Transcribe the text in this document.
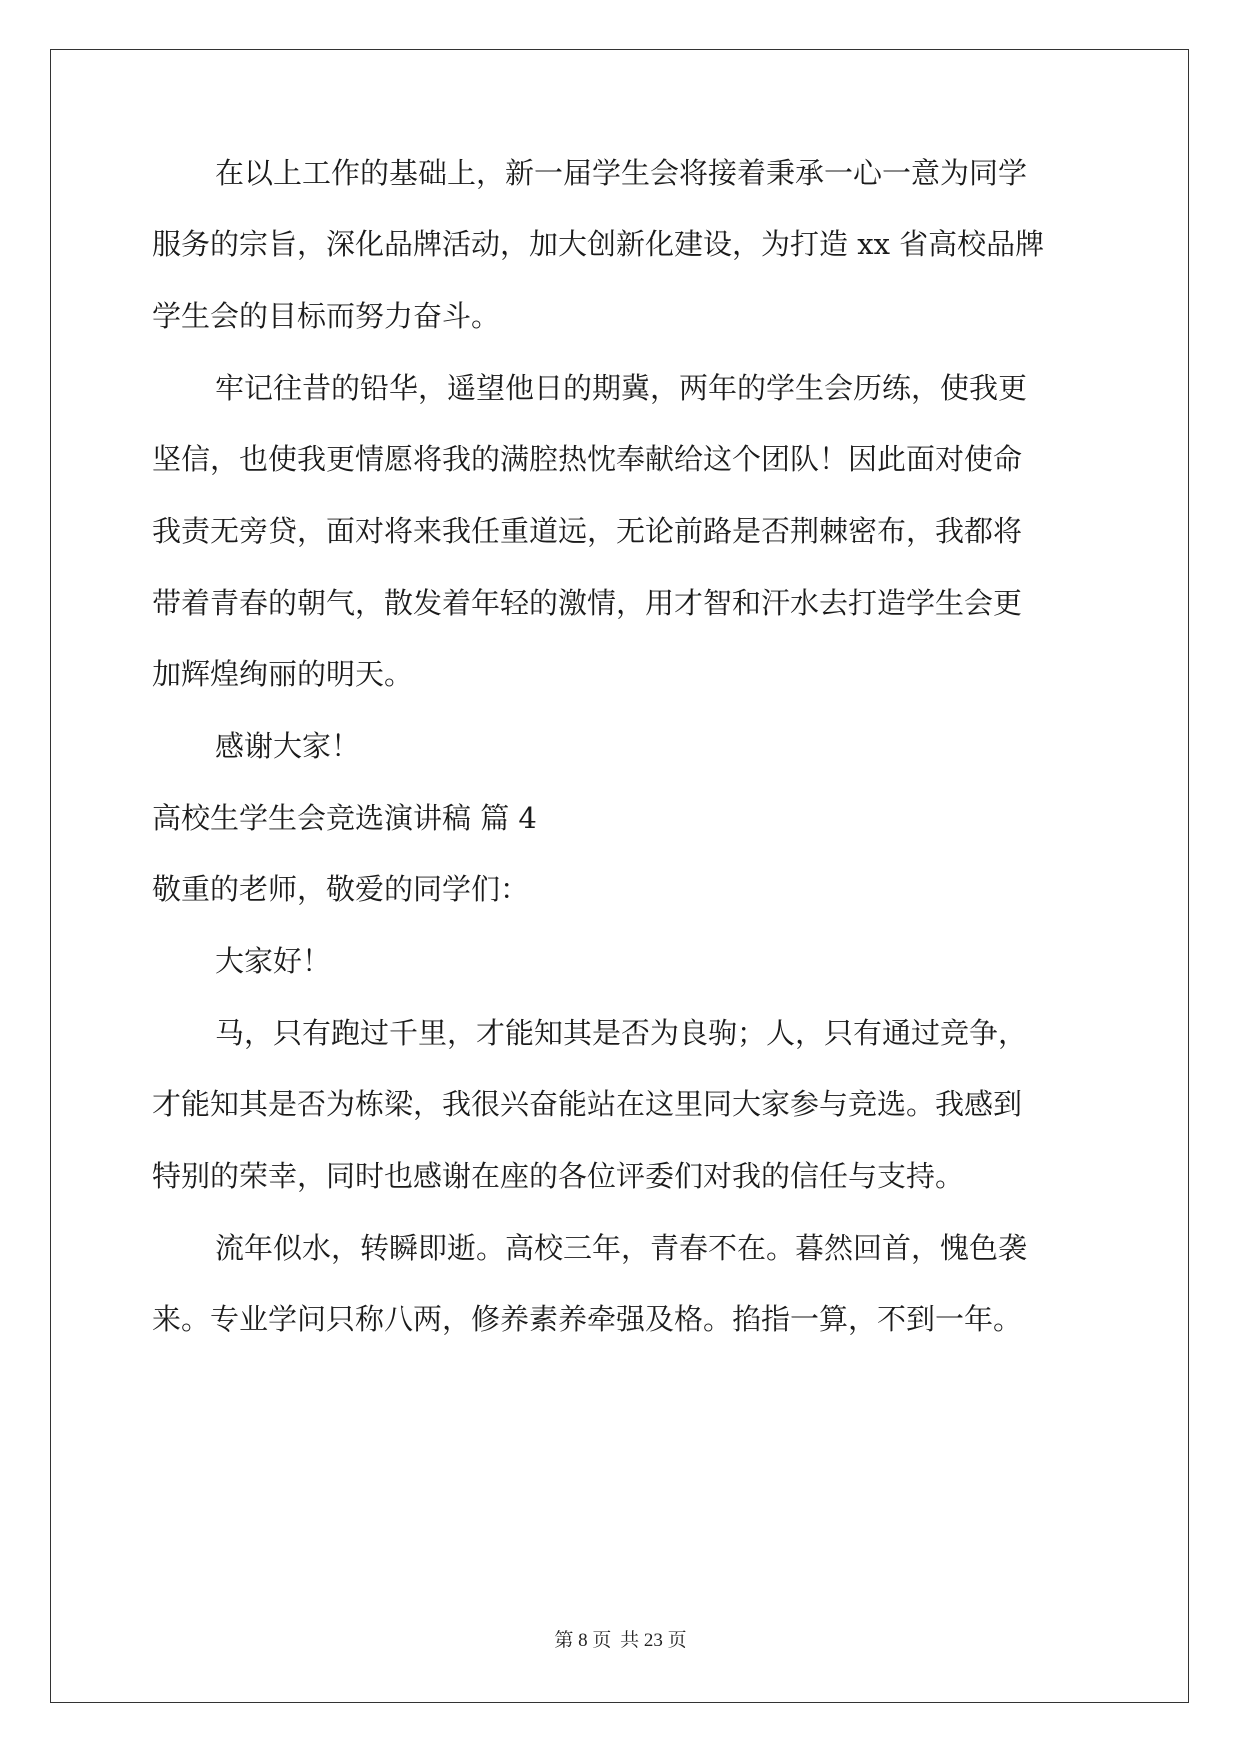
在以上工作的基础上，新一届学生会将接着秉承一心一意为同学

服务的宗旨，深化品牌活动，加大创新化建设，为打造 xx 省高校品牌

学生会的目标而努力奋斗。

牢记往昔的铅华，遥望他日的期冀，两年的学生会历练，使我更

坚信，也使我更情愿将我的满腔热忱奉献给这个团队！因此面对使命

我责无旁贷，面对将来我任重道远，无论前路是否荆棘密布，我都将

带着青春的朝气，散发着年轻的激情，用才智和汗水去打造学生会更

加辉煌绚丽的明天。

感谢大家！

高校生学生会竞选演讲稿 篇 4

敬重的老师，敬爱的同学们：

大家好！

马，只有跑过千里，才能知其是否为良驹；人，只有通过竞争，

才能知其是否为栋梁，我很兴奋能站在这里同大家参与竞选。我感到

特别的荣幸，同时也感谢在座的各位评委们对我的信任与支持。

流年似水，转瞬即逝。高校三年，青春不在。暮然回首，愧色袭

来。专业学问只称八两，修养素养牵强及格。掐指一算，不到一年。

第 8 页 共 23 页
